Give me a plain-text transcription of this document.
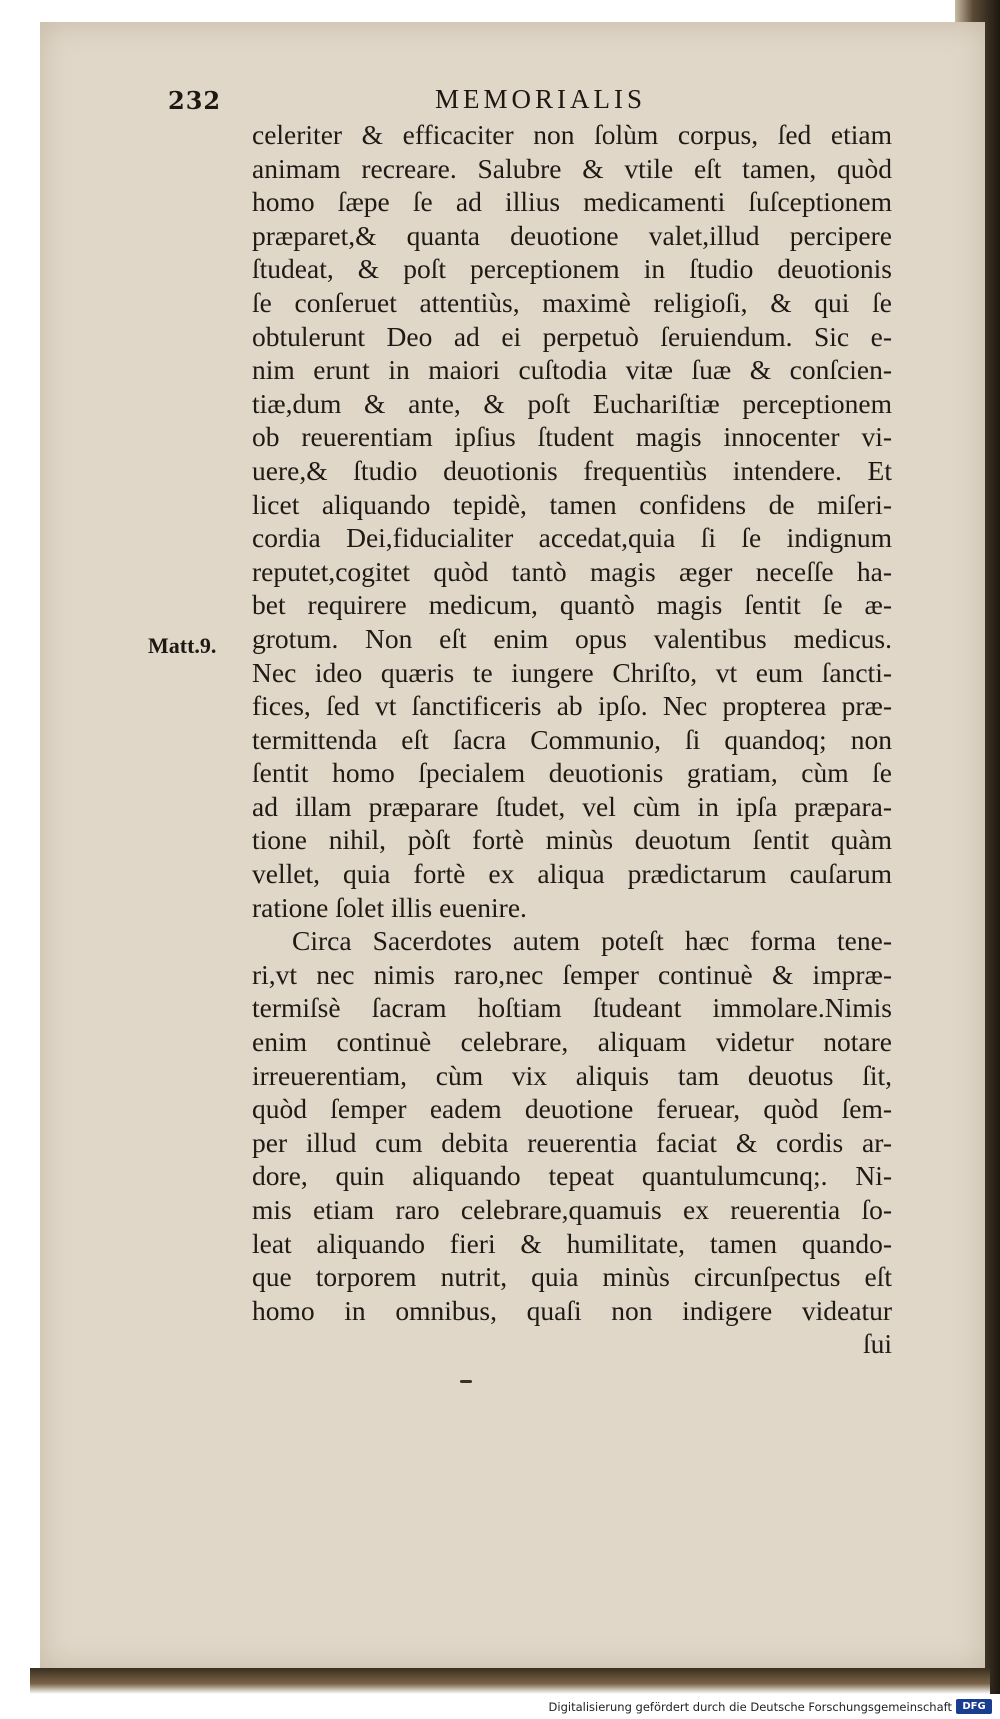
232	MEMORIALIS
Matt.9.
celeriter & efficaciter non ſolùm corpus, ſed etiam
animam recreare. Salubre & vtile eſt tamen, quòd
homo ſæpe ſe ad illius medicamenti ſuſceptionem
præparet,& quanta deuotione valet,illud percipere
ſtudeat, & poſt perceptionem in ſtudio deuotionis
ſe conſeruet attentiùs, maximè religioſi, & qui ſe
obtulerunt Deo ad ei perpetuò ſeruiendum. Sic e-
nim erunt in maiori cuſtodia vitæ ſuæ & conſcien-
tiæ,dum & ante, & poſt Euchariſtiæ perceptionem
ob reuerentiam ipſius ſtudent magis innocenter vi-
uere,& ſtudio deuotionis frequentiùs intendere. Et
licet aliquando tepidè, tamen confidens de miſeri-
cordia Dei,fiducialiter accedat,quia ſi ſe indignum
reputet,cogitet quòd tantò magis æger neceſſe ha-
bet requirere medicum, quantò magis ſentit ſe æ-
grotum. Non eſt enim opus valentibus medicus.
Nec ideo quæris te iungere Chriſto, vt eum ſancti-
fices, ſed vt ſanctificeris ab ipſo. Nec propterea præ-
termittenda eſt ſacra Communio, ſi quandoq; non
ſentit homo ſpecialem deuotionis gratiam, cùm ſe
ad illam præparare ſtudet, vel cùm in ipſa præpara-
tione nihil, pòſt fortè minùs deuotum ſentit quàm
vellet, quia fortè ex aliqua prædictarum cauſarum
ratione ſolet illis euenire.
Circa Sacerdotes autem poteſt hæc forma tene-
ri,vt nec nimis raro,nec ſemper continuè & impræ-
termiſsè ſacram hoſtiam ſtudeant immolare.Nimis
enim continuè celebrare, aliquam videtur notare
irreuerentiam, cùm vix aliquis tam deuotus ſit,
quòd ſemper eadem deuotione feruear, quòd ſem-
per illud cum debita reuerentia faciat & cordis ar-
dore, quin aliquando tepeat quantulumcunq;. Ni-
mis etiam raro celebrare,quamuis ex reuerentia ſo-
leat aliquando fieri & humilitate, tamen quando-
que torporem nutrit, quia minùs circunſpectus eſt
homo in omnibus, quaſi non indigere videatur
ſui
Digitalisierung gefördert durch die Deutsche Forschungsgemeinschaft	DFG
